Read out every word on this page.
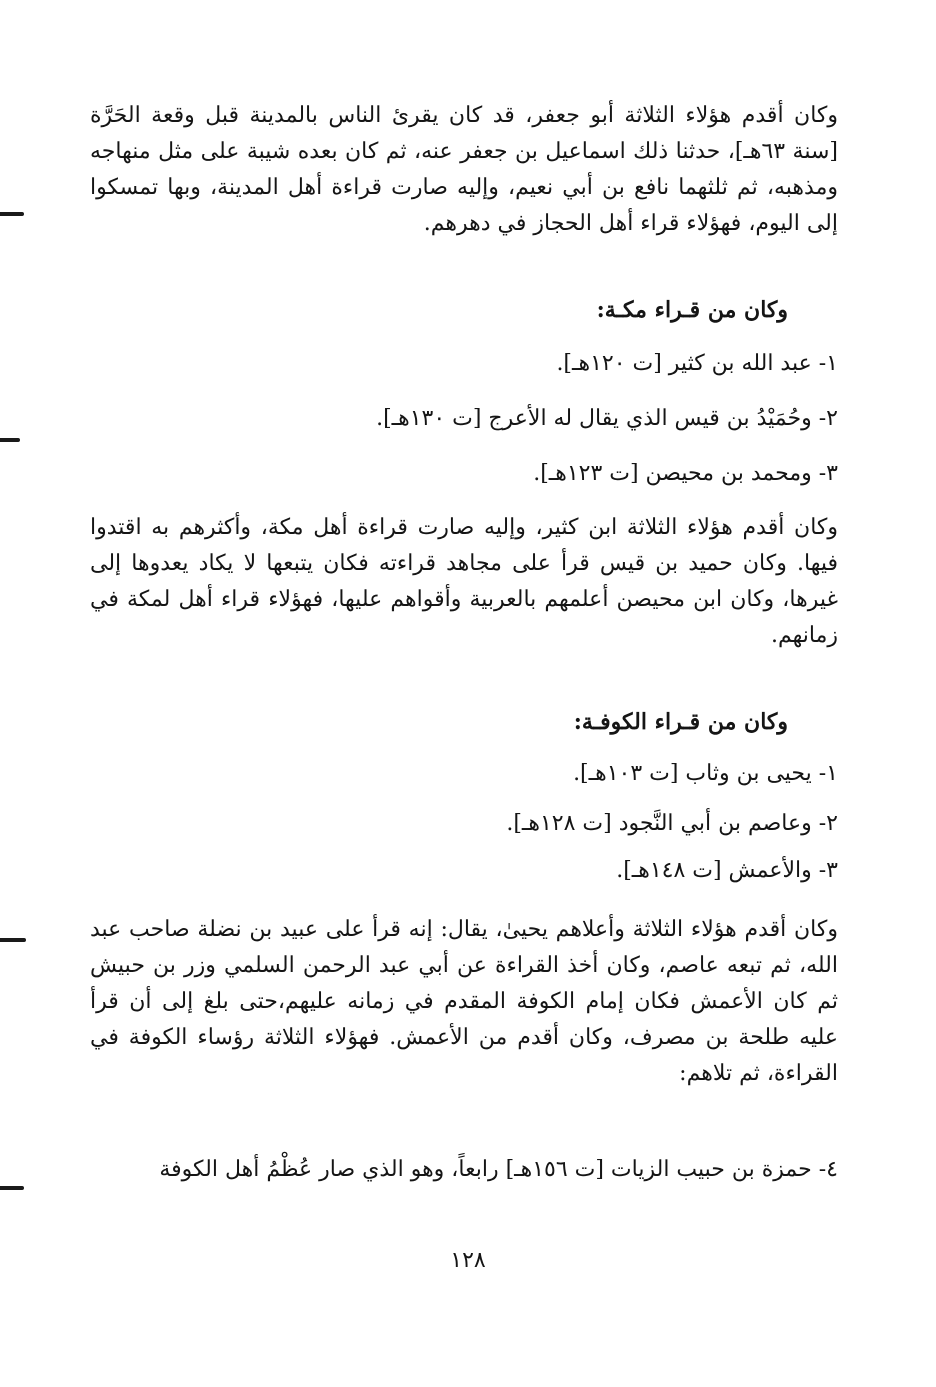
وكان أقدم هؤلاء الثلاثة أبو جعفر، قد كان يقرئ الناس بالمدينة قبل وقعة الحَرَّة [سنة ٦٣هـ]، حدثنا ذلك اسماعيل بن جعفر عنه، ثم كان بعده شيبة على مثل منهاجه ومذهبه، ثم ثلثهما نافع بن أبي نعيم، وإليه صارت قراءة أهل المدينة، وبها تمسكوا إلى اليوم، فهؤلاء قراء أهل الحجاز في دهرهم.

وكان من قـراء مكـة:

١- عبد الله بن كثير [ت ١٢٠هـ].

٢- وحُمَيْدُ بن قيس الذي يقال له الأعرج [ت ١٣٠هـ].

٣- ومحمد بن محيصن [ت ١٢٣هـ].

وكان أقدم هؤلاء الثلاثة ابن كثير، وإليه صارت قراءة أهل مكة، وأكثرهم به اقتدوا فيها. وكان حميد بن قيس قرأ على مجاهد قراءته فكان يتبعها لا يكاد يعدوها إلى غيرها، وكان ابن محيصن أعلمهم بالعربية وأقواهم عليها، فهؤلاء قراء أهل لمكة في زمانهم.

وكان من قـراء الكوفـة:

١- يحيى بن وثاب [ت ١٠٣هـ].

٢- وعاصم بن أبي النَّجود [ت ١٢٨هـ].

٣- والأعمش [ت ١٤٨هـ].

وكان أقدم هؤلاء الثلاثة وأعلاهم يحيىٰ، يقال: إنه قرأ على عبيد بن نضلة صاحب عبد الله، ثم تبعه عاصم، وكان أخذ القراءة عن أبي عبد الرحمن السلمي وزر بن حبيش ثم كان الأعمش فكان إمام الكوفة المقدم في زمانه عليهم،حتى بلغ إلى أن قرأ عليه طلحة بن مصرف، وكان أقدم من الأعمش. فهؤلاء الثلاثة رؤساء الكوفة في القراءة، ثم تلاهم:

٤- حمزة بن حبيب الزيات [ت ١٥٦هـ] رابعاً، وهو الذي صار عُظْمُ أهل الكوفة

١٢٨
